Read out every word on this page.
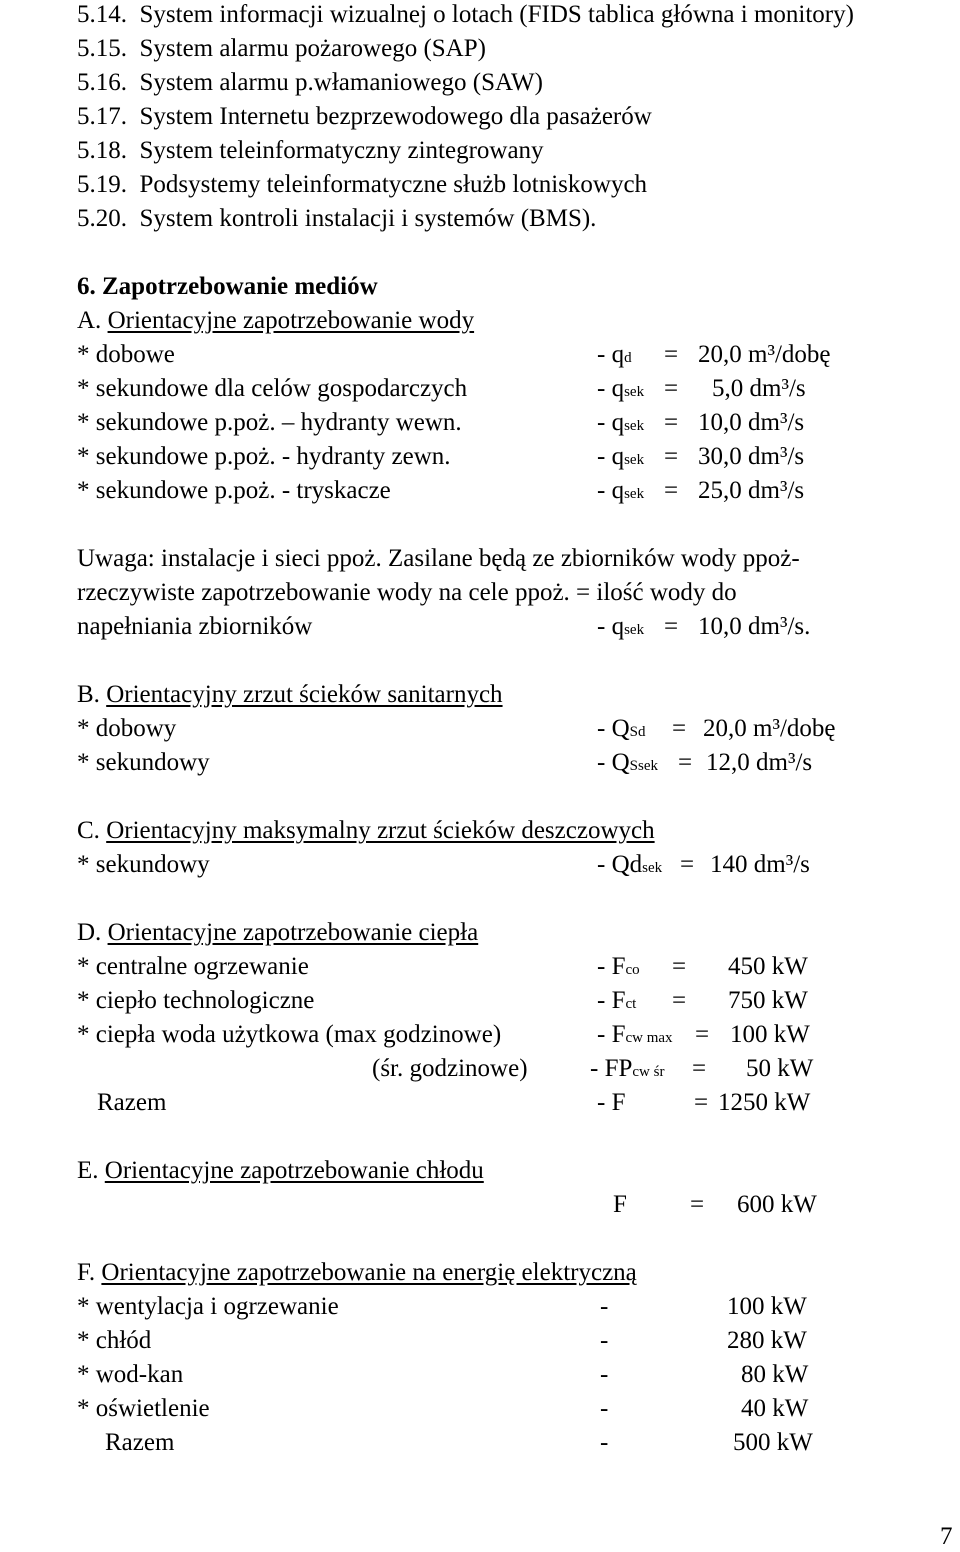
5.14. System informacji wizualnej o lotach (FIDS tablica główna i monitory)
5.15. System alarmu pożarowego (SAP)
5.16. System alarmu p.włamaniowego (SAW)
5.17. System Internetu bezprzewodowego dla pasażerów
5.18. System teleinformatyczny zintegrowany
5.19. Podsystemy teleinformatyczne służb lotniskowych
5.20. System kontroli instalacji i systemów (BMS).
6. Zapotrzebowanie mediów
A. Orientacyjne zapotrzebowanie wody
* dobowe	- qd = 20,0 m³/dobę
* sekundowe dla celów gospodarczych	- qsek = 5,0 dm³/s
* sekundowe p.poż. – hydranty wewn.	- qsek = 10,0 dm³/s
* sekundowe p.poż. - hydranty zewn.	- qsek = 30,0 dm³/s
* sekundowe p.poż. - tryskacze	- qsek = 25,0 dm³/s
Uwaga: instalacje i sieci ppoż. Zasilane będą ze zbiorników wody ppoż-
rzeczywiste zapotrzebowanie wody na cele ppoż. = ilość wody do
napełniania zbiorników	- qsek = 10,0 dm³/s.
B. Orientacyjny zrzut ścieków sanitarnych
* dobowy	- QSd = 20,0 m³/dobę
* sekundowy	- QSsek = 12,0 dm³/s
C. Orientacyjny maksymalny zrzut ścieków deszczowych
* sekundowy	- Qdsek = 140 dm³/s
D. Orientacyjne zapotrzebowanie ciepła
* centralne ogrzewanie	- Fco = 450 kW
* ciepło technologiczne	- Fct = 750 kW
* ciepła woda użytkowa (max godzinowe)	- Fcw max = 100 kW
(śr. godzinowe) - FPcw śr = 50 kW
Razem	- F	= 1250 kW
E. Orientacyjne zapotrzebowanie chłodu
F	= 600 kW
F. Orientacyjne zapotrzebowanie na energię elektryczną
* wentylacja i ogrzewanie	-	100 kW
* chłód	-	280 kW
* wod-kan	-	80 kW
* oświetlenie	-	40 kW
Razem	-	500 kW
7
